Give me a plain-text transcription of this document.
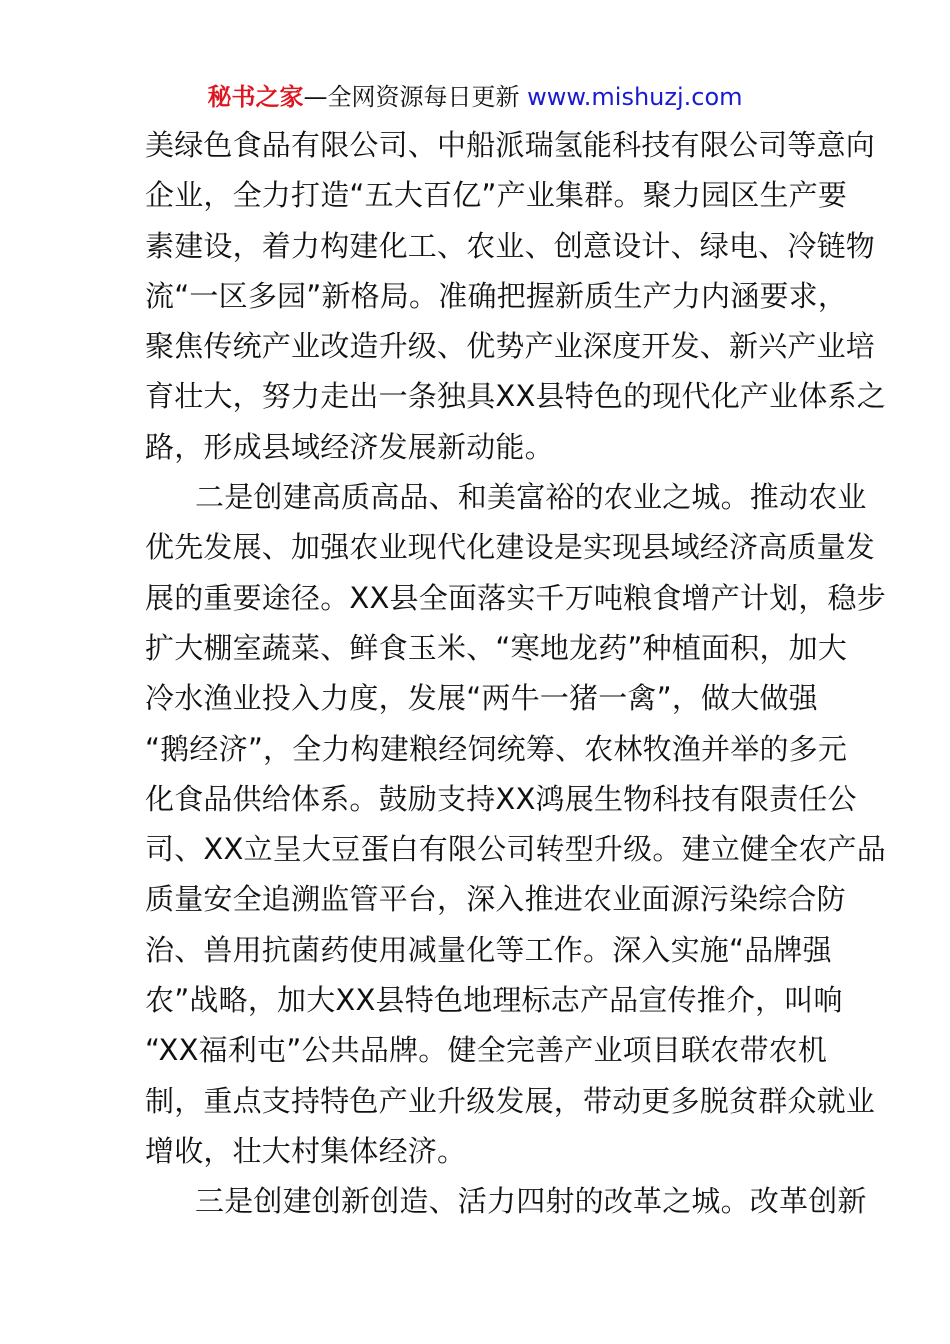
秘书之家—全网资源每日更新 www.mishuzj.com
美绿色食品有限公司、中船派瑞氢能科技有限公司等意向
企业，全力打造“五大百亿”产业集群。聚力园区生产要
素建设，着力构建化工、农业、创意设计、绿电、冷链物
流“一区多园”新格局。准确把握新质生产力内涵要求，
聚焦传统产业改造升级、优势产业深度开发、新兴产业培
育壮大，努力走出一条独具XX县特色的现代化产业体系之
路，形成县域经济发展新动能。
二是创建高质高品、和美富裕的农业之城。推动农业
优先发展、加强农业现代化建设是实现县域经济高质量发
展的重要途径。XX县全面落实千万吨粮食增产计划，稳步
扩大棚室蔬菜、鲜食玉米、“寒地龙药”种植面积，加大
冷水渔业投入力度，发展“两牛一猪一禽”，做大做强
“鹅经济”，全力构建粮经饲统筹、农林牧渔并举的多元
化食品供给体系。鼓励支持XX鸿展生物科技有限责任公
司、XX立呈大豆蛋白有限公司转型升级。建立健全农产品
质量安全追溯监管平台，深入推进农业面源污染综合防
治、兽用抗菌药使用减量化等工作。深入实施“品牌强
农”战略，加大XX县特色地理标志产品宣传推介，叫响
“XX福利屯”公共品牌。健全完善产业项目联农带农机
制，重点支持特色产业升级发展，带动更多脱贫群众就业
增收，壮大村集体经济。
三是创建创新创造、活力四射的改革之城。改革创新
